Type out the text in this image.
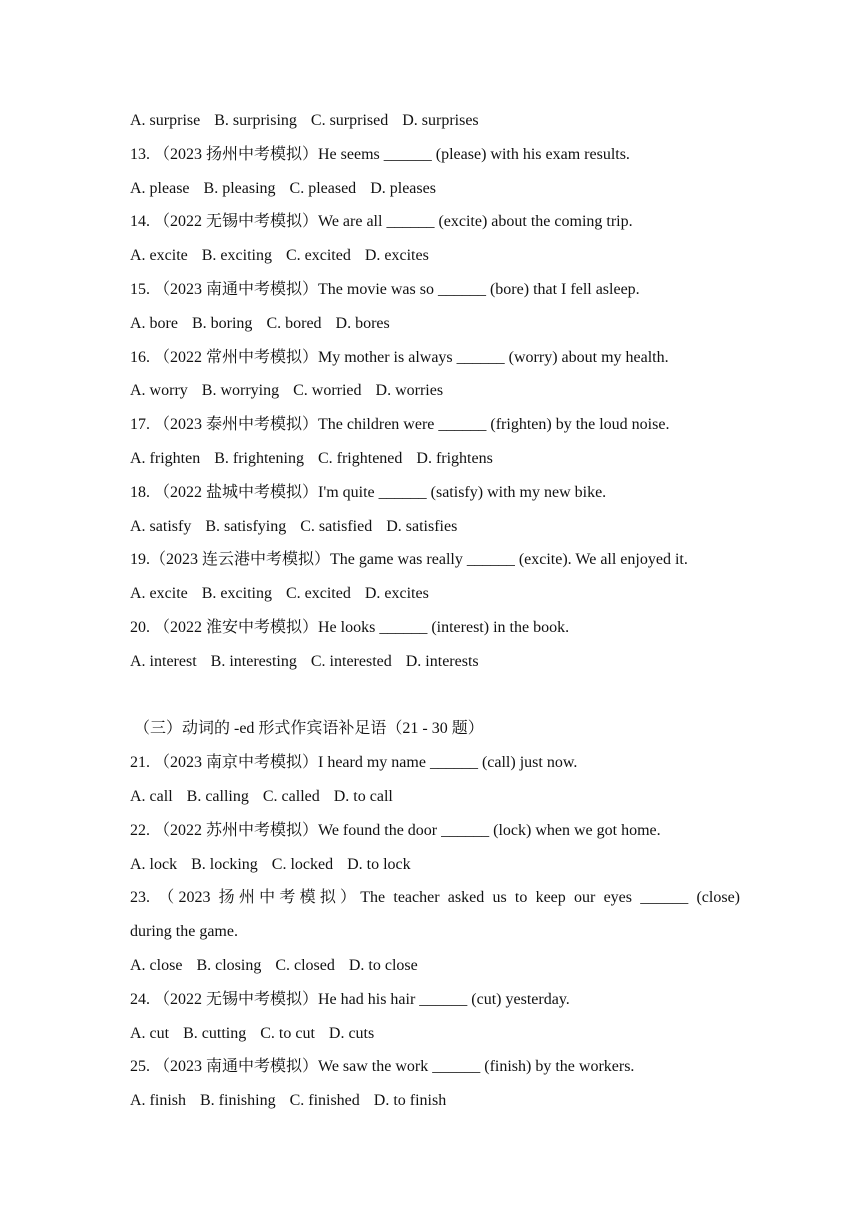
A. surprise B. surprising C. surprised D. surprises
13. （2023 扬州中考模拟）He seems ______ (please) with his exam results.
A. please B. pleasing C. pleased D. pleases
14. （2022 无锡中考模拟）We are all ______ (excite) about the coming trip.
A. excite B. exciting C. excited D. excites
15. （2023 南通中考模拟）The movie was so ______ (bore) that I fell asleep.
A. bore B. boring C. bored D. bores
16. （2022 常州中考模拟）My mother is always ______ (worry) about my health.
A. worry B. worrying C. worried D. worries
17. （2023 泰州中考模拟）The children were ______ (frighten) by the loud noise.
A. frighten B. frightening C. frightened D. frightens
18. （2022 盐城中考模拟）I'm quite ______ (satisfy) with my new bike.
A. satisfy B. satisfying C. satisfied D. satisfies
19.（2023 连云港中考模拟）The game was really ______ (excite). We all enjoyed it.
A. excite B. exciting C. excited D. excites
20. （2022 淮安中考模拟）He looks ______ (interest) in the book.
A. interest B. interesting C. interested D. interests
（三）动词的 -ed 形式作宾语补足语（21 - 30 题）
21. （2023 南京中考模拟）I heard my name ______ (call) just now.
A. call B. calling C. called D. to call
22. （2022 苏州中考模拟）We found the door ______ (lock) when we got home.
A. lock B. locking C. locked D. to lock
23. （2023 扬州中考模拟）The teacher asked us to keep our eyes ______ (close)
during the game.
A. close B. closing C. closed D. to close
24. （2022 无锡中考模拟）He had his hair ______ (cut) yesterday.
A. cut B. cutting C. to cut D. cuts
25. （2023 南通中考模拟）We saw the work ______ (finish) by the workers.
A. finish B. finishing C. finished D. to finish
